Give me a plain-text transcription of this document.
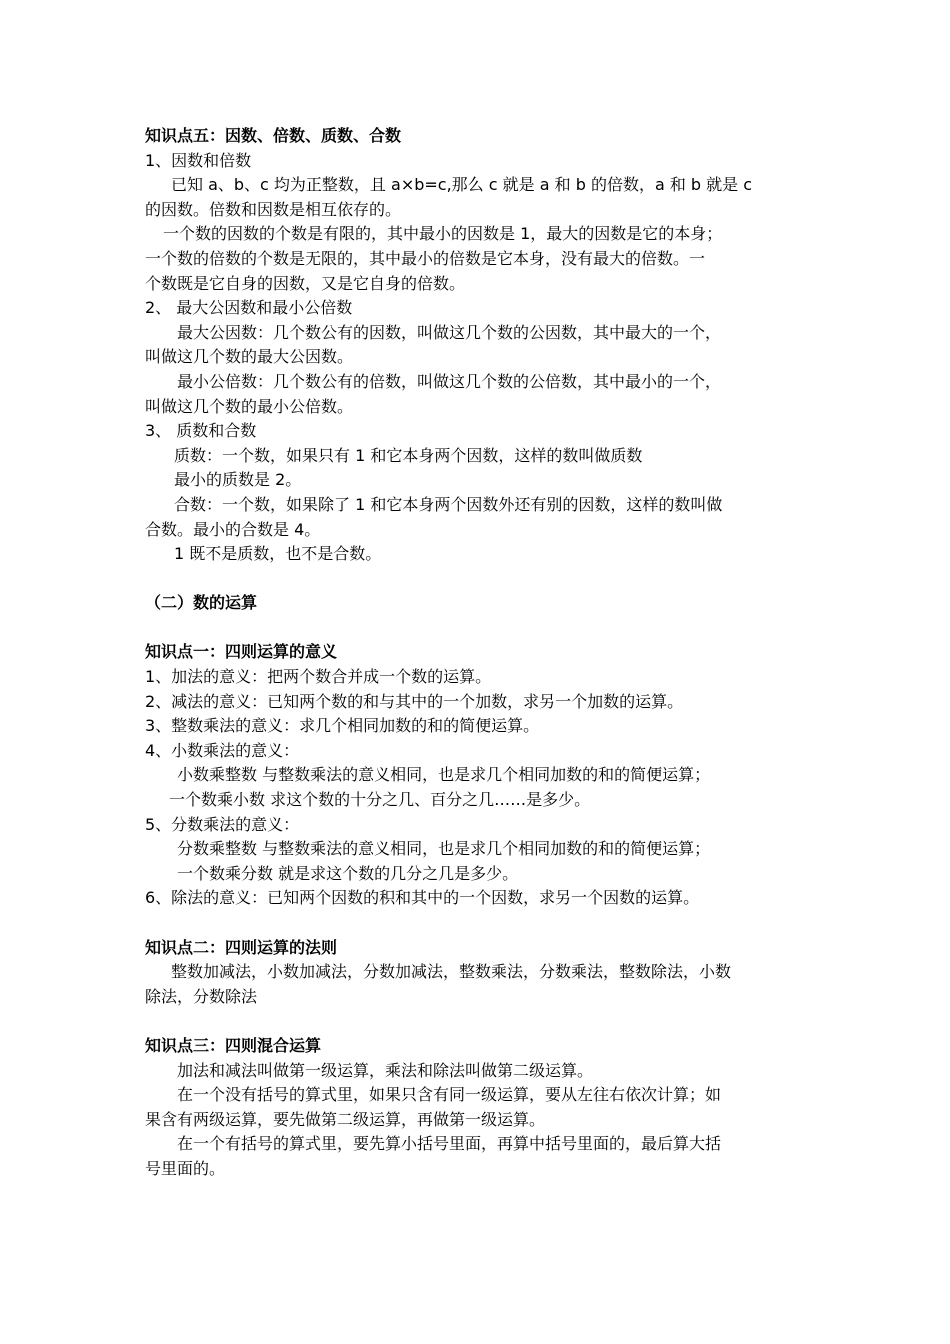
知识点五：因数、倍数、质数、合数
1、因数和倍数
已知 a、b、c 均为正整数，且 a×b=c,那么 c 就是 a 和 b 的倍数，a 和 b 就是 c
的因数。倍数和因数是相互依存的。
一个数的因数的个数是有限的，其中最小的因数是 1，最大的因数是它的本身；
一个数的倍数的个数是无限的，其中最小的倍数是它本身，没有最大的倍数。一
个数既是它自身的因数，又是它自身的倍数。
2、 最大公因数和最小公倍数
最大公因数：几个数公有的因数，叫做这几个数的公因数，其中最大的一个，
叫做这几个数的最大公因数。
最小公倍数：几个数公有的倍数，叫做这几个数的公倍数，其中最小的一个，
叫做这几个数的最小公倍数。
3、 质数和合数
质数：一个数，如果只有 1 和它本身两个因数，这样的数叫做质数
最小的质数是 2。
合数：一个数，如果除了 1 和它本身两个因数外还有别的因数，这样的数叫做
合数。最小的合数是 4。
1 既不是质数，也不是合数。
（二）数的运算
知识点一：四则运算的意义
1、加法的意义：把两个数合并成一个数的运算。
2、减法的意义：已知两个数的和与其中的一个加数，求另一个加数的运算。
3、整数乘法的意义：求几个相同加数的和的简便运算。
4、小数乘法的意义：
小数乘整数 与整数乘法的意义相同，也是求几个相同加数的和的简便运算；
一个数乘小数 求这个数的十分之几、百分之几……是多少。
5、分数乘法的意义：
分数乘整数 与整数乘法的意义相同，也是求几个相同加数的和的简便运算；
一个数乘分数 就是求这个数的几分之几是多少。
6、除法的意义：已知两个因数的积和其中的一个因数，求另一个因数的运算。
知识点二：四则运算的法则
整数加减法，小数加减法，分数加减法，整数乘法，分数乘法，整数除法，小数
除法，分数除法
知识点三：四则混合运算
加法和减法叫做第一级运算，乘法和除法叫做第二级运算。
在一个没有括号的算式里，如果只含有同一级运算，要从左往右依次计算；如
果含有两级运算，要先做第二级运算，再做第一级运算。
在一个有括号的算式里，要先算小括号里面，再算中括号里面的，最后算大括
号里面的。
